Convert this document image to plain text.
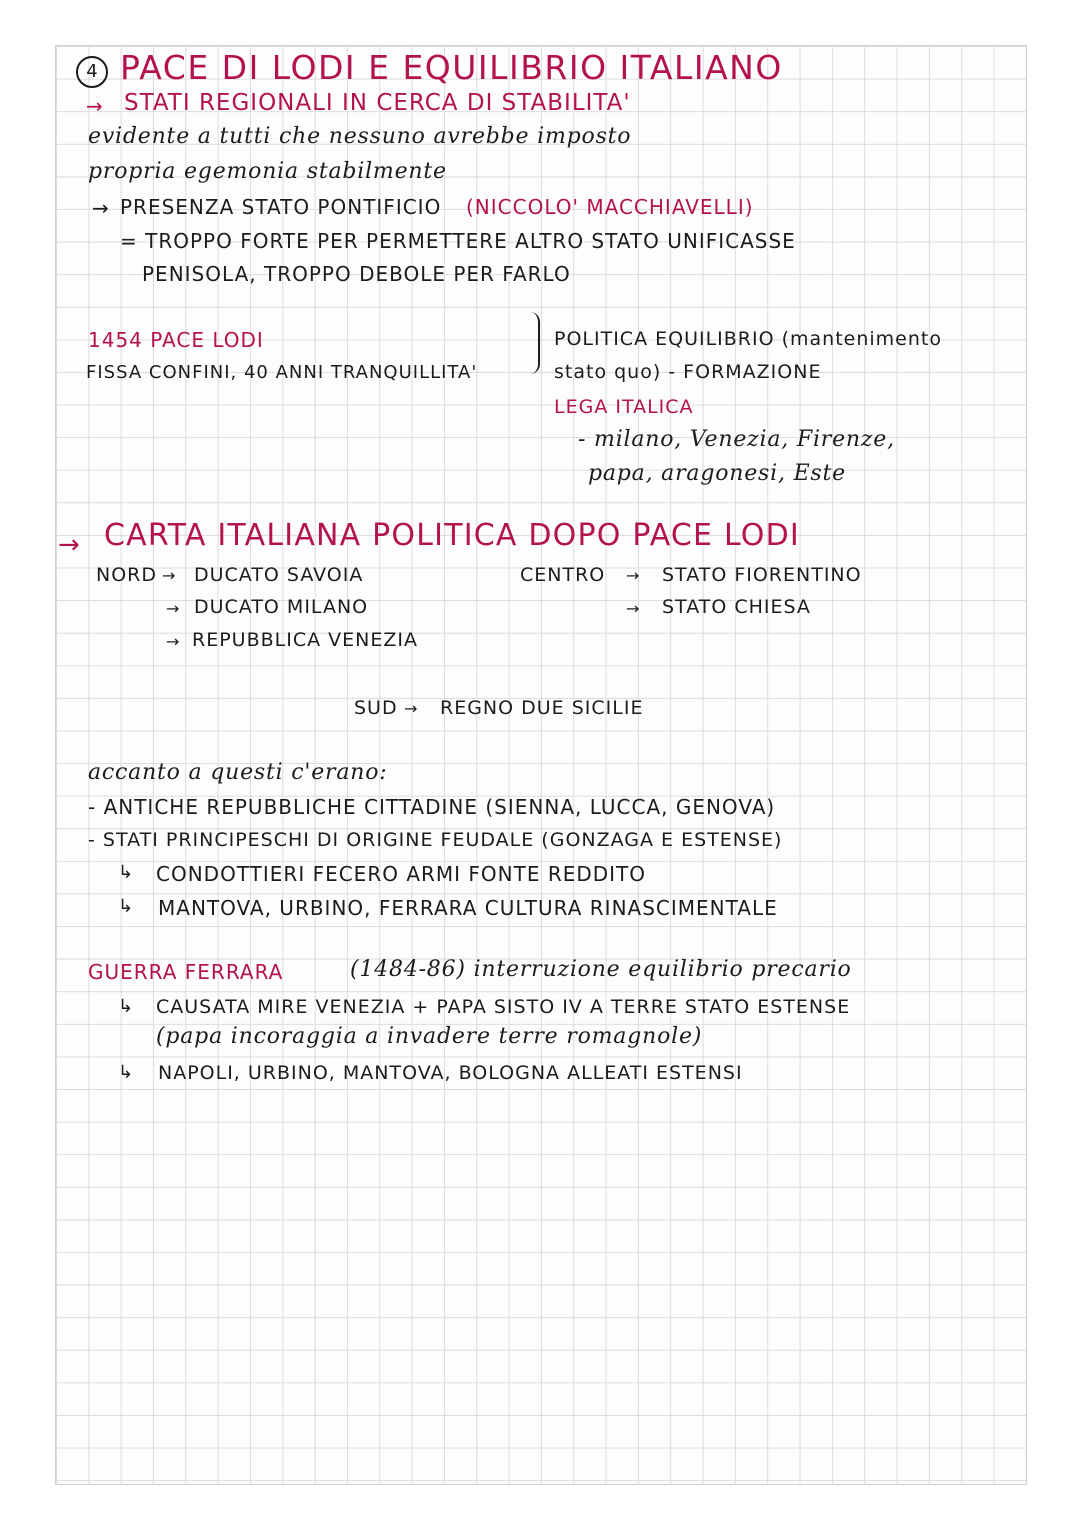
4 PACE DI LODI E EQUILIBRIO ITALIANO
→ STATI REGIONALI IN CERCA DI STABILITA'
evidente a tutti che nessuno avrebbe imposto
propria egemonia stabilmente
→ PRESENZA STATO PONTIFICIO (NICCOLO' MACCHIAVELLI)
= TROPPO FORTE PER PERMETTERE ALTRO STATO UNIFICASSE
PENISOLA, TROPPO DEBOLE PER FARLO
1454 PACE LODI
FISSA CONFINI, 40 ANNI TRANQUILLITA'
POLITICA EQUILIBRIO (mantenimento
stato quo) - FORMAZIONE
LEGA ITALICA
- milano, Venezia, Firenze,
papa, aragonesi, Este
→ CARTA ITALIANA POLITICA DOPO PACE LODI
NORD → DUCATO SAVOIA
→ DUCATO MILANO
→ REPUBBLICA VENEZIA
CENTRO → STATO FIORENTINO
→ STATO CHIESA
SUD → REGNO DUE SICILIE
accanto a questi c'erano:
- ANTICHE REPUBBLICHE CITTADINE (SIENNA, LUCCA, GENOVA)
- STATI PRINCIPESCHI DI ORIGINE FEUDALE (GONZAGA E ESTENSE)
↳ CONDOTTIERI FECERO ARMI FONTE REDDITO
↳ MANTOVA, URBINO, FERRARA CULTURA RINASCIMENTALE
GUERRA FERRARA	(1484-86) interruzione equilibrio precario
↳ CAUSATA MIRE VENEZIA + PAPA SISTO IV A TERRE STATO ESTENSE
(papa incoraggia a invadere terre romagnole)
↳ NAPOLI, URBINO, MANTOVA, BOLOGNA ALLEATI ESTENSI
